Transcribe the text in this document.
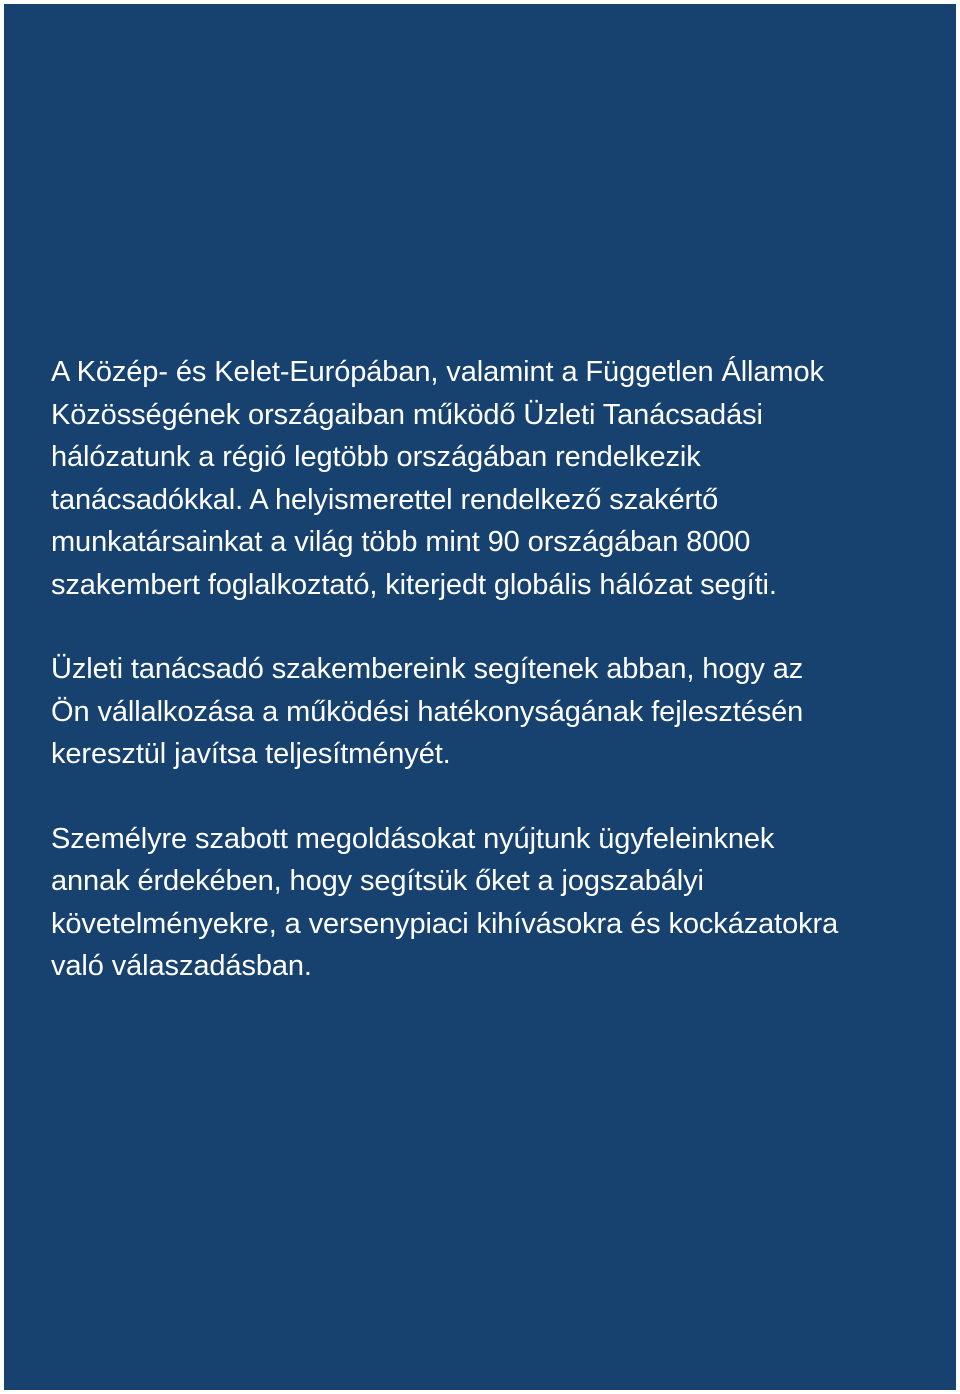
A Közép- és Kelet-Európában, valamint a Független Államok
Közösségének országaiban működő Üzleti Tanácsadási
hálózatunk a régió legtöbb országában rendelkezik
tanácsadókkal. A helyismerettel rendelkező szakértő
munkatársainkat a világ több mint 90 országában 8000
szakembert foglalkoztató, kiterjedt globális hálózat segíti.

Üzleti tanácsadó szakembereink segítenek abban, hogy az
Ön vállalkozása a működési hatékonyságának fejlesztésén
keresztül javítsa teljesítményét.

Személyre szabott megoldásokat nyújtunk ügyfeleinknek
annak érdekében, hogy segítsük őket a jogszabályi
követelményekre, a versenypiaci kihívásokra és kockázatokra
való válaszadásban.
